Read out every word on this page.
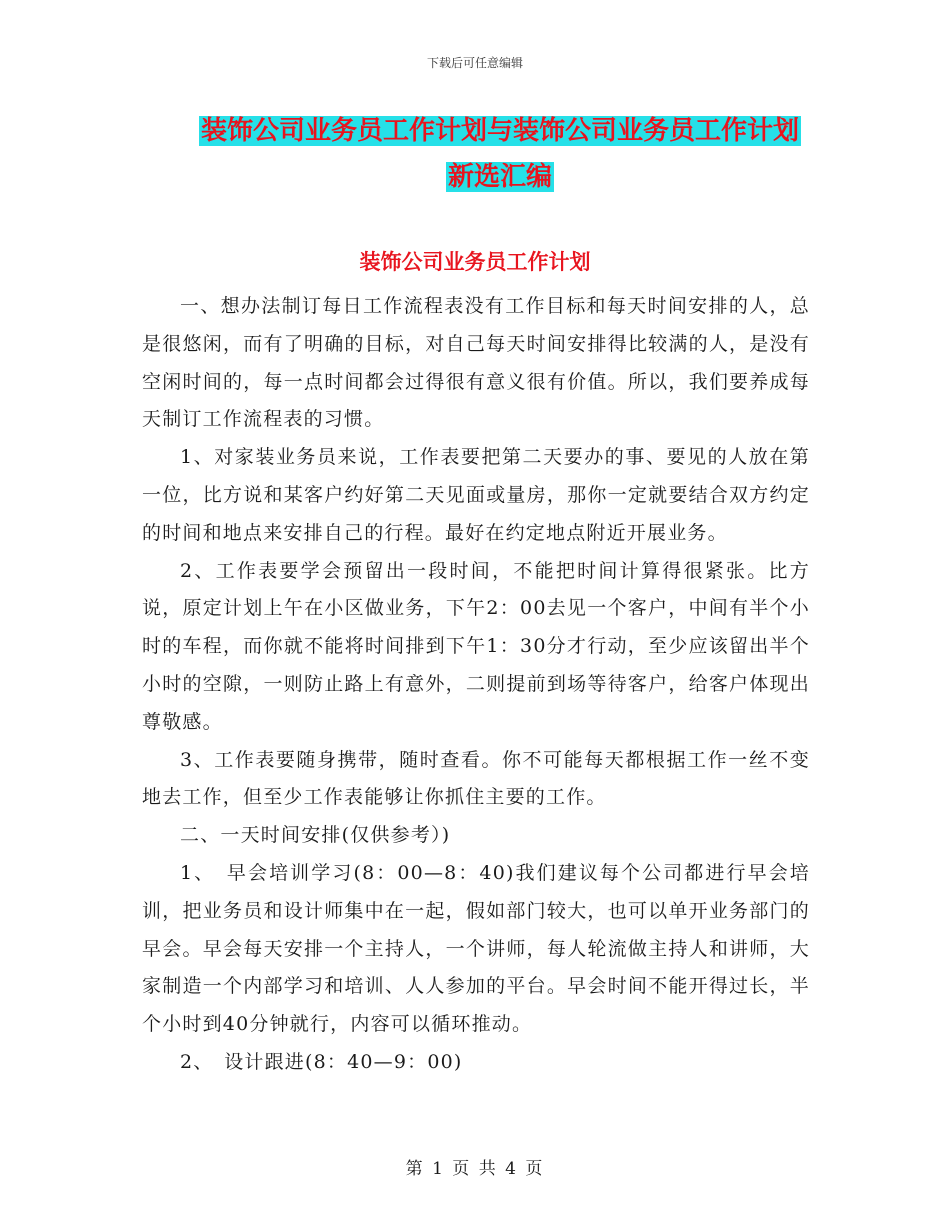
下载后可任意编辑
装饰公司业务员工作计划与装饰公司业务员工作计划
新选汇编
装饰公司业务员工作计划

一、想办法制订每日工作流程表没有工作目标和每天时间安排的人，总是很悠闲，而有了明确的目标，对自己每天时间安排得比较满的人，是没有空闲时间的，每一点时间都会过得很有意义很有价值。所以，我们要养成每天制订工作流程表的习惯。

1、对家装业务员来说，工作表要把第二天要办的事、要见的人放在第一位，比方说和某客户约好第二天见面或量房，那你一定就要结合双方约定的时间和地点来安排自己的行程。最好在约定地点附近开展业务。

2、工作表要学会预留出一段时间，不能把时间计算得很紧张。比方说，原定计划上午在小区做业务，下午2：00去见一个客户，中间有半个小时的车程，而你就不能将时间排到下午1：30分才行动，至少应该留出半个小时的空隙，一则防止路上有意外，二则提前到场等待客户，给客户体现出尊敬感。

3、工作表要随身携带，随时查看。你不可能每天都根据工作一丝不变地去工作，但至少工作表能够让你抓住主要的工作。

二、一天时间安排(仅供参考）)

1、　早会培训学习(8：00—8：40)我们建议每个公司都进行早会培训，把业务员和设计师集中在一起，假如部门较大，也可以单开业务部门的早会。早会每天安排一个主持人，一个讲师，每人轮流做主持人和讲师，大家制造一个内部学习和培训、人人参加的平台。早会时间不能开得过长，半个小时到40分钟就行，内容可以循环推动。

2、　设计跟进(8：40—9：00)

第 1 页 共 4 页
